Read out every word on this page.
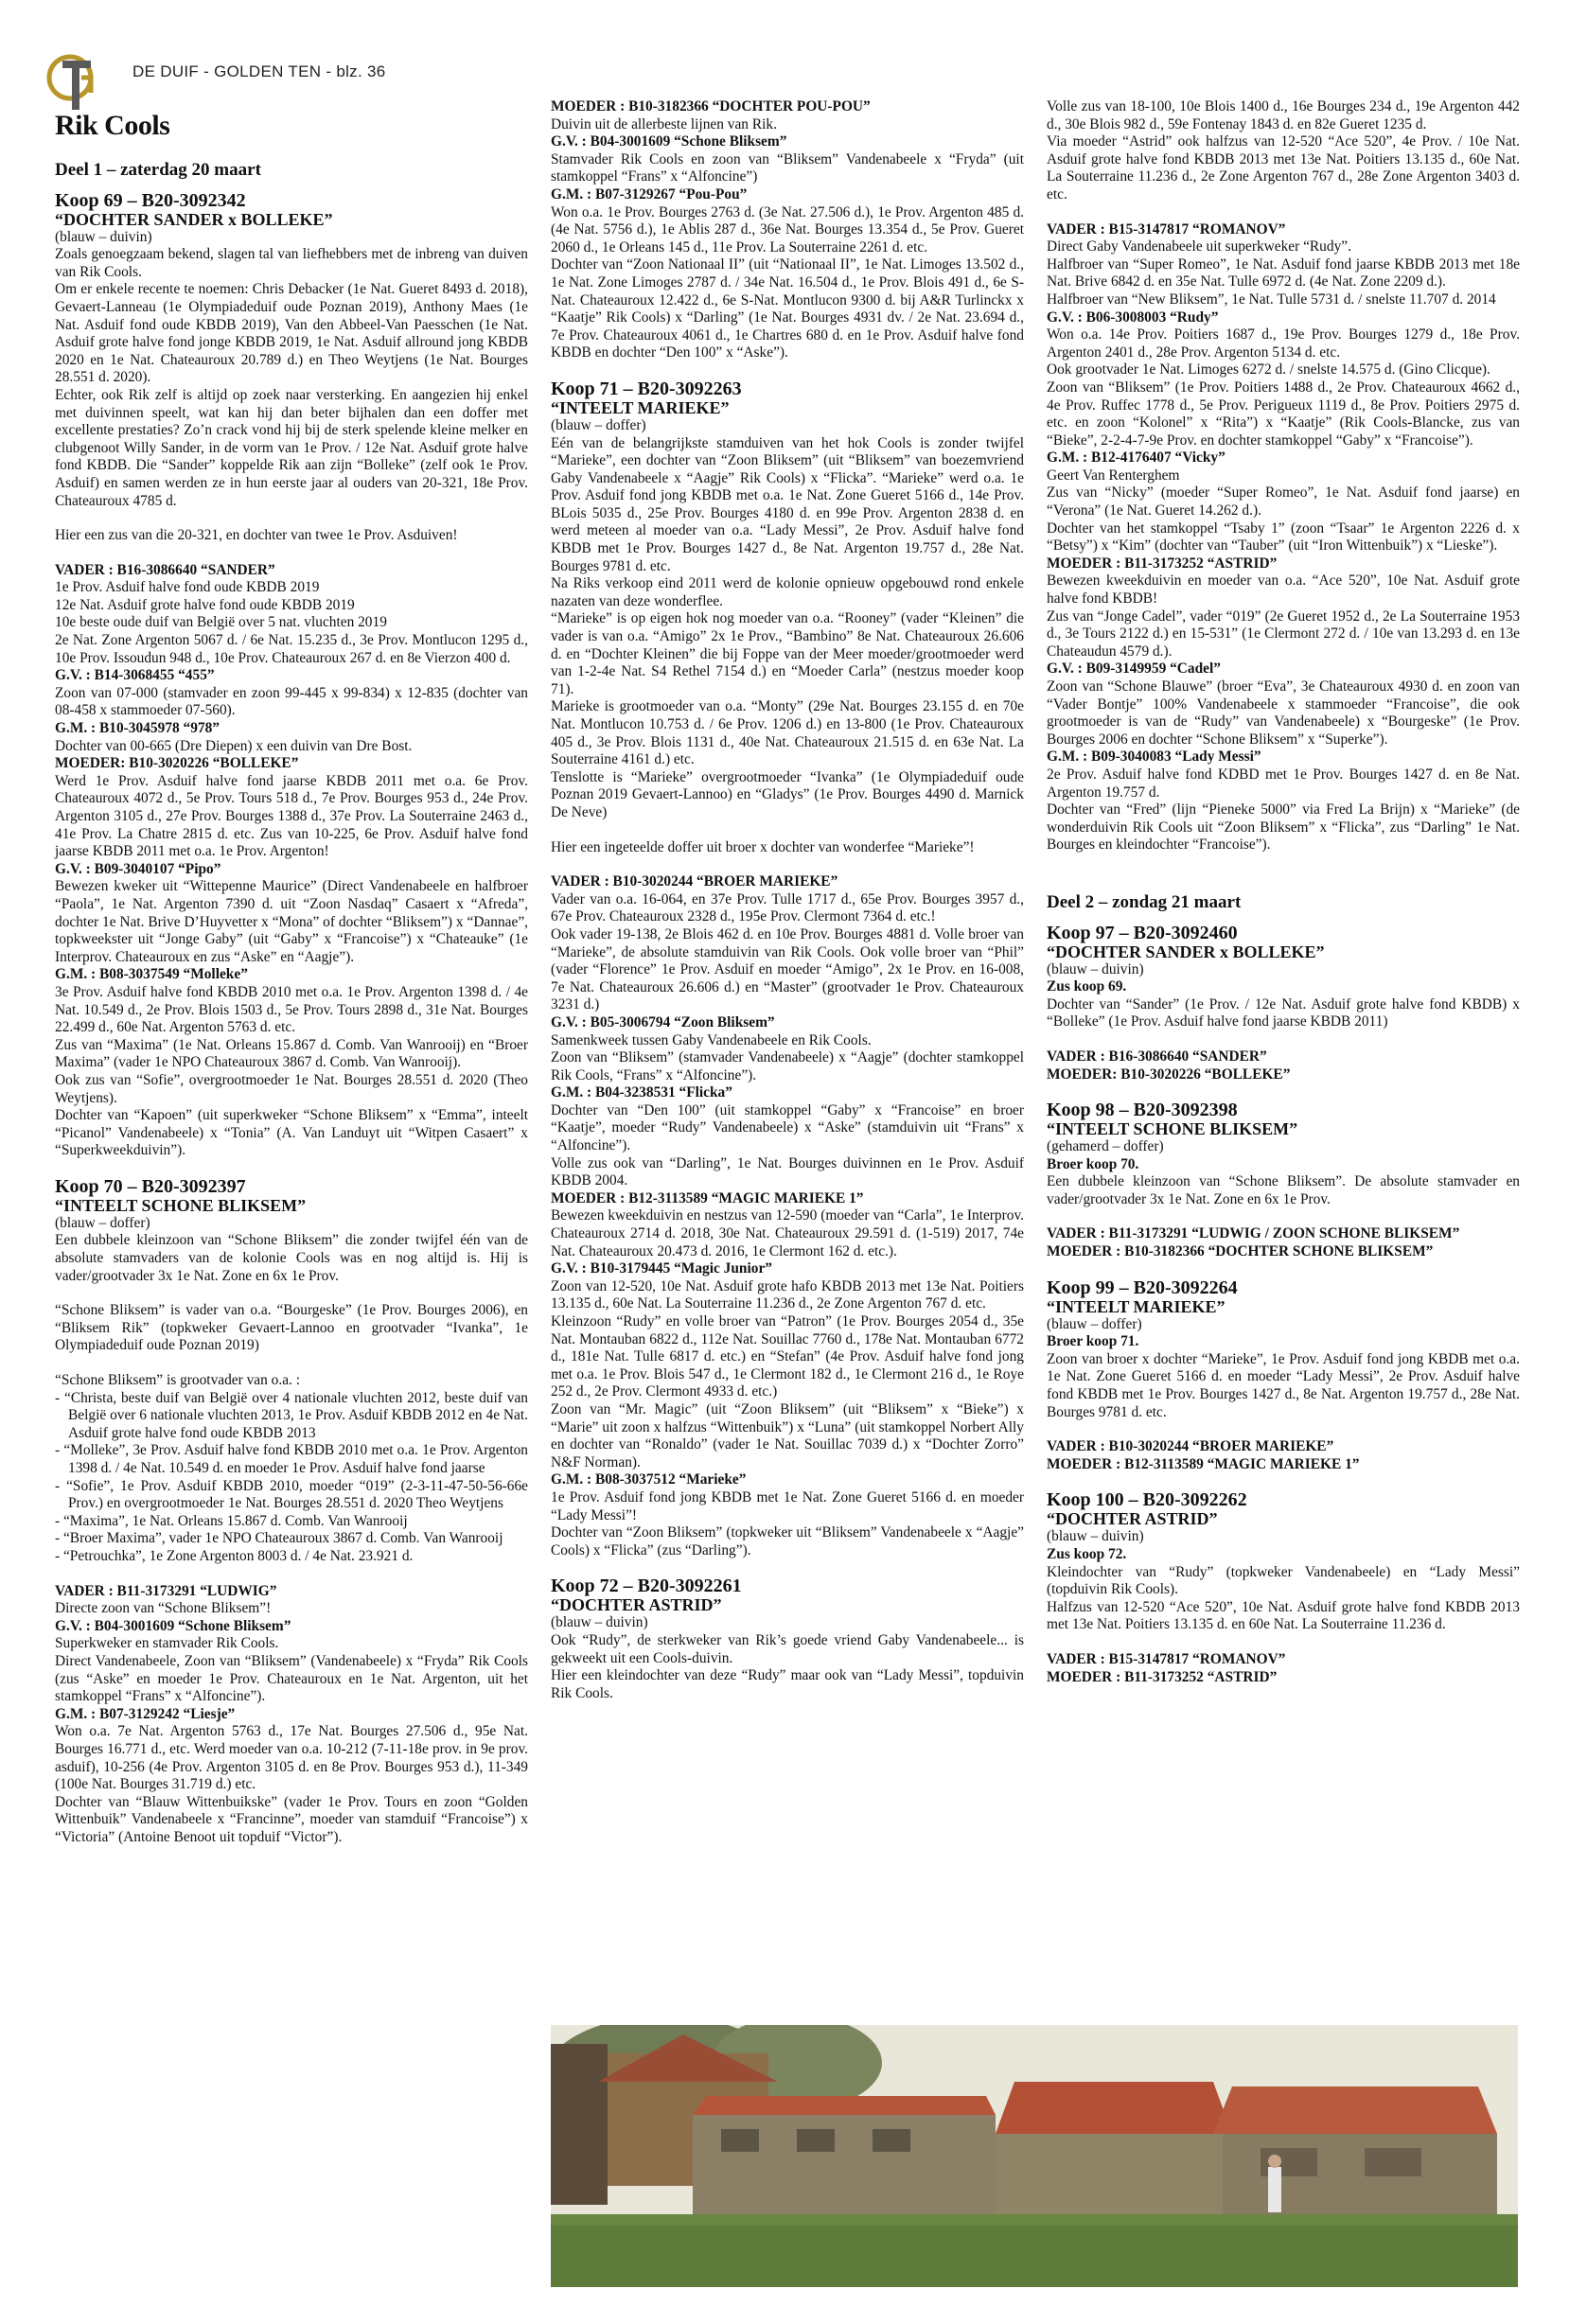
DE DUIF - GOLDEN TEN - blz. 36
Rik Cools
Deel 1 – zaterdag 20 maart

Koop 69 – B20-3092342

“DOCHTER SANDER x BOLLEKE”

(blauw – duivin)

Zoals genoegzaam bekend, slagen tal van liefhebbers met de inbreng van duiven van Rik Cools.

Om er enkele recente te noemen: Chris Debacker (1e Nat. Gueret 8493 d. 2018), Gevaert-Lanneau (1e Olympiadeduif oude Poznan 2019), Anthony Maes (1e Nat. Asduif fond oude KBDB 2019), Van den Abbeel-Van Paesschen (1e Nat. Asduif grote halve fond jonge KBDB 2019, 1e Nat. Asduif allround jong KBDB 2020 en 1e Nat. Chateauroux 20.789 d.) en Theo Weytjens (1e Nat. Bourges 28.551 d. 2020).

Echter, ook Rik zelf is altijd op zoek naar versterking. En aangezien hij enkel met duivinnen speelt, wat kan hij dan beter bijhalen dan een doffer met excellente prestaties? Zo’n crack vond hij bij de sterk spelende kleine melker en clubgenoot Willy Sander, in de vorm van 1e Prov. / 12e Nat. Asduif grote halve fond KBDB. Die “Sander” koppelde Rik aan zijn “Bolleke” (zelf ook 1e Prov. Asduif) en samen werden ze in hun eerste jaar al ouders van 20-321, 18e Prov. Chateauroux 4785 d.

Hier een zus van die 20-321, en dochter van twee 1e Prov. Asduiven!

VADER : B16-3086640 “SANDER”

1e Prov. Asduif halve fond oude KBDB 2019

12e Nat. Asduif grote halve fond oude KBDB 2019

10e beste oude duif van België over 5 nat. vluchten 2019

2e Nat. Zone Argenton 5067 d. / 6e Nat. 15.235 d., 3e Prov. Montlucon 1295 d., 10e Prov. Issoudun 948 d., 10e Prov. Chateauroux 267 d. en 8e Vierzon 400 d.

G.V. : B14-3068455 “455”

Zoon van 07-000 (stamvader en zoon 99-445 x 99-834) x 12-835 (dochter van 08-458 x stammoeder 07-560).

G.M. : B10-3045978 “978”

Dochter van 00-665 (Dre Diepen) x een duivin van Dre Bost.

MOEDER: B10-3020226 “BOLLEKE”

Werd 1e Prov. Asduif halve fond jaarse KBDB 2011 met o.a. 6e Prov. Chateauroux 4072 d., 5e Prov. Tours 518 d., 7e Prov. Bourges 953 d., 24e Prov. Argenton 3105 d., 27e Prov. Bourges 1388 d., 37e Prov. La Souterraine 2463 d., 41e Prov. La Chatre 2815 d. etc. Zus van 10-225, 6e Prov. Asduif halve fond jaarse KBDB 2011 met o.a. 1e Prov. Argenton!

G.V. : B09-3040107 “Pipo”

Bewezen kweker uit “Wittepenne Maurice” (Direct Vandenabeele en halfbroer “Paola”, 1e Nat. Argenton 7390 d. uit “Zoon Nasdaq” Casaert x “Afreda”, dochter 1e Nat. Brive D’Huyvetter x “Mona” of dochter “Bliksem”) x “Dannae”, topkweekster uit “Jonge Gaby” (uit “Gaby” x “Francoise”) x “Chateauke” (1e Interprov. Chateauroux en zus “Aske” en “Aagje”).

G.M. : B08-3037549 “Molleke”

3e Prov. Asduif halve fond KBDB 2010 met o.a. 1e Prov. Argenton 1398 d. / 4e Nat. 10.549 d., 2e Prov. Blois 1503 d., 5e Prov. Tours 2898 d., 31e Nat. Bourges 22.499 d., 60e Nat. Argenton 5763 d. etc.

Zus van “Maxima” (1e Nat. Orleans 15.867 d. Comb. Van Wanrooij) en “Broer Maxima” (vader 1e NPO Chateauroux 3867 d. Comb. Van Wanrooij).

Ook zus van “Sofie”, overgrootmoeder 1e Nat. Bourges 28.551 d. 2020 (Theo Weytjens).

Dochter van “Kapoen” (uit superkweker “Schone Bliksem” x “Emma”, inteelt “Picanol” Vandenabeele) x “Tonia” (A. Van Landuyt uit “Witpen Casaert” x “Superkweekduivin”).

Koop 70 – B20-3092397

“INTEELT SCHONE BLIKSEM”

(blauw – doffer)

Een dubbele kleinzoon van “Schone Bliksem” die zonder twijfel één van de absolute stamvaders van de kolonie Cools was en nog altijd is. Hij is vader/grootvader 3x 1e Nat. Zone en 6x 1e Prov.

“Schone Bliksem” is vader van o.a. “Bourgeske” (1e Prov. Bourges 2006), en “Bliksem Rik” (topkweker Gevaert-Lannoo en grootvader “Ivanka”, 1e Olympiadeduif oude Poznan 2019)

“Schone Bliksem” is grootvader van o.a. :

- “Christa, beste duif van België over 4 nationale vluchten 2012, beste duif van België over 6 nationale vluchten 2013, 1e Prov. Asduif KBDB 2012 en 4e Nat. Asduif grote halve fond oude KBDB 2013
- “Molleke”, 3e Prov. Asduif halve fond KBDB 2010 met o.a. 1e Prov. Argenton 1398 d. / 4e Nat. 10.549 d. en moeder 1e Prov. Asduif halve fond jaarse
- “Sofie”, 1e Prov. Asduif KBDB 2010, moeder “019” (2-3-11-47-50-56-66e Prov.) en overgrootmoeder 1e Nat. Bourges 28.551 d. 2020 Theo Weytjens
- “Maxima”, 1e Nat. Orleans 15.867 d. Comb. Van Wanrooij
- “Broer Maxima”, vader 1e NPO Chateauroux 3867 d. Comb. Van Wanrooij
- “Petrouchka”, 1e Zone Argenton 8003 d. / 4e Nat. 23.921 d.

VADER : B11-3173291 “LUDWIG”

Directe zoon van “Schone Bliksem”!

G.V. : B04-3001609 “Schone Bliksem”

Superkweker en stamvader Rik Cools.

Direct Vandenabeele, Zoon van “Bliksem” (Vandenabeele) x “Fryda” Rik Cools (zus “Aske” en moeder 1e Prov. Chateauroux en 1e Nat. Argenton, uit het stamkoppel “Frans” x “Alfoncine”).

G.M. : B07-3129242 “Liesje”

Won o.a. 7e Nat. Argenton 5763 d., 17e Nat. Bourges 27.506 d., 95e Nat. Bourges 16.771 d., etc. Werd moeder van o.a. 10-212 (7-11-18e prov. in 9e prov. asduif), 10-256 (4e Prov. Argenton 3105 d. en 8e Prov. Bourges 953 d.), 11-349 (100e Nat. Bourges 31.719 d.) etc.

Dochter van “Blauw Wittenbuikske” (vader 1e Prov. Tours en zoon “Golden Wittenbuik” Vandenabeele x “Francinne”, moeder van stamduif “Francoise”) x “Victoria” (Antoine Benoot uit topduif “Victor”).

MOEDER : B10-3182366 “DOCHTER POU-POU”

Duivin uit de allerbeste lijnen van Rik.

G.V. : B04-3001609 “Schone Bliksem”

Stamvader Rik Cools en zoon van “Bliksem” Vandenabeele x “Fryda” (uit stamkoppel “Frans” x “Alfoncine”)

G.M. : B07-3129267 “Pou-Pou”

Won o.a. 1e Prov. Bourges 2763 d. (3e Nat. 27.506 d.), 1e Prov. Argenton 485 d. (4e Nat. 5756 d.), 1e Ablis 287 d., 36e Nat. Bourges 13.354 d., 5e Prov. Gueret 2060 d., 1e Orleans 145 d., 11e Prov. La Souterraine 2261 d. etc.

Dochter van “Zoon Nationaal II” (uit “Nationaal II”, 1e Nat. Limoges 13.502 d., 1e Nat. Zone Limoges 2787 d. / 34e Nat. 16.504 d., 1e Prov. Blois 491 d., 6e S-Nat. Chateauroux 12.422 d., 6e S-Nat. Montlucon 9300 d. bij A&R Turlinckx x “Kaatje” Rik Cools) x “Darling” (1e Nat. Bourges 4931 dv. / 2e Nat. 23.694 d., 7e Prov. Chateauroux 4061 d., 1e Chartres 680 d. en 1e Prov. Asduif halve fond KBDB en dochter “Den 100” x “Aske”).

Koop 71 – B20-3092263

“INTEELT MARIEKE”

(blauw – doffer)

Eén van de belangrijkste stamduiven van het hok Cools is zonder twijfel “Marieke”, een dochter van “Zoon Bliksem” (uit “Bliksem” van boezemvriend Gaby Vandenabeele x “Aagje” Rik Cools) x “Flicka”. “Marieke” werd o.a. 1e Prov. Asduif fond jong KBDB met o.a. 1e Nat. Zone Gueret 5166 d., 14e Prov. BLois 5035 d., 25e Prov. Bourges 4180 d. en 99e Prov. Argenton 2838 d. en werd meteen al moeder van o.a. “Lady Messi”, 2e Prov. Asduif halve fond KBDB met 1e Prov. Bourges 1427 d., 8e Nat. Argenton 19.757 d., 28e Nat. Bourges 9781 d. etc.

Na Riks verkoop eind 2011 werd de kolonie opnieuw opgebouwd rond enkele nazaten van deze wonderflee.

“Marieke” is op eigen hok nog moeder van o.a. “Rooney” (vader “Kleinen” die vader is van o.a. “Amigo” 2x 1e Prov., “Bambino” 8e Nat. Chateauroux 26.606 d. en “Dochter Kleinen” die bij Foppe van der Meer moeder/grootmoeder werd van 1-2-4e Nat. S4 Rethel 7154 d.) en “Moeder Carla” (nestzus moeder koop 71).

Marieke is grootmoeder van o.a. “Monty” (29e Nat. Bourges 23.155 d. en 70e Nat. Montlucon 10.753 d. / 6e Prov. 1206 d.) en 13-800 (1e Prov. Chateauroux 405 d., 3e Prov. Blois 1131 d., 40e Nat. Chateauroux 21.515 d. en 63e Nat. La Souterraine 4161 d.) etc.

Tenslotte is “Marieke” overgrootmoeder “Ivanka” (1e Olympiadeduif oude Poznan 2019 Gevaert-Lannoo) en “Gladys” (1e Prov. Bourges 4490 d. Marnick De Neve)

Hier een ingeteelde doffer uit broer x dochter van wonderfee “Marieke”!

VADER : B10-3020244 “BROER MARIEKE”

Vader van o.a. 16-064, en 37e Prov. Tulle 1717 d., 65e Prov. Bourges 3957 d., 67e Prov. Chateauroux 2328 d., 195e Prov. Clermont 7364 d. etc.!

Ook vader 19-138, 2e Blois 462 d. en 10e Prov. Bourges 4881 d. Volle broer van “Marieke”, de absolute stamduivin van Rik Cools. Ook volle broer van “Phil” (vader “Florence” 1e Prov. Asduif en moeder “Amigo”, 2x 1e Prov. en 16-008, 7e Nat. Chateauroux 26.606 d.) en “Master” (grootvader 1e Prov. Chateauroux 3231 d.)

G.V. : B05-3006794 “Zoon Bliksem”

Samenkweek tussen Gaby Vandenabeele en Rik Cools.

Zoon van “Bliksem” (stamvader Vandenabeele) x “Aagje” (dochter stamkoppel Rik Cools, “Frans” x “Alfoncine”).

G.M. : B04-3238531 “Flicka”

Dochter van “Den 100” (uit stamkoppel “Gaby” x “Francoise” en broer “Kaatje”, moeder “Rudy” Vandenabeele) x “Aske” (stamduivin uit “Frans” x “Alfoncine”).

Volle zus ook van “Darling”, 1e Nat. Bourges duivinnen en 1e Prov. Asduif KBDB 2004.

MOEDER : B12-3113589 “MAGIC MARIEKE 1”

Bewezen kweekduivin en nestzus van 12-590 (moeder van “Carla”, 1e Interprov. Chateauroux 2714 d. 2018, 30e Nat. Chateauroux 29.591 d. (1-519) 2017, 74e Nat. Chateauroux 20.473 d. 2016, 1e Clermont 162 d. etc.).

G.V. : B10-3179445 “Magic Junior”

Zoon van 12-520, 10e Nat. Asduif grote hafo KBDB 2013 met 13e Nat. Poitiers 13.135 d., 60e Nat. La Souterraine 11.236 d., 2e Zone Argenton 767 d. etc.

Kleinzoon “Rudy” en volle broer van “Patron” (1e Prov. Bourges 2054 d., 35e Nat. Montauban 6822 d., 112e Nat. Souillac 7760 d., 178e Nat. Montauban 6772 d., 181e Nat. Tulle 6817 d. etc.) en “Stefan” (4e Prov. Asduif halve fond jong met o.a. 1e Prov. Blois 547 d., 1e Clermont 182 d., 1e Clermont 216 d., 1e Roye 252 d., 2e Prov. Clermont 4933 d. etc.)

Zoon van “Mr. Magic” (uit “Zoon Bliksem” (uit “Bliksem” x “Bieke”) x “Marie” uit zoon x halfzus “Wittenbuik”) x “Luna” (uit stamkoppel Norbert Ally en dochter van “Ronaldo” (vader 1e Nat. Souillac 7039 d.) x “Dochter Zorro” N&F Norman).

G.M. : B08-3037512 “Marieke”

1e Prov. Asduif fond jong KBDB met 1e Nat. Zone Gueret 5166 d. en moeder “Lady Messi”!

Dochter van “Zoon Bliksem” (topkweker uit “Bliksem” Vandenabeele x “Aagje” Cools) x “Flicka” (zus “Darling”).

Koop 72 – B20-3092261

“DOCHTER ASTRID”

(blauw – duivin)

Ook “Rudy”, de sterkweker van Rik’s goede vriend Gaby Vandenabeele... is gekweekt uit een Cools-duivin.

Hier een kleindochter van deze “Rudy” maar ook van “Lady Messi”, topduivin Rik Cools.

Volle zus van 18-100, 10e Blois 1400 d., 16e Bourges 234 d., 19e Argenton 442 d., 30e Blois 982 d., 59e Fontenay 1843 d. en 82e Gueret 1235 d.

Via moeder “Astrid” ook halfzus van 12-520 “Ace 520”, 4e Prov. / 10e Nat. Asduif grote halve fond KBDB 2013 met 13e Nat. Poitiers 13.135 d., 60e Nat. La Souterraine 11.236 d., 2e Zone Argenton 767 d., 28e Zone Argenton 3403 d. etc.

VADER : B15-3147817 “ROMANOV”

Direct Gaby Vandenabeele uit superkweker “Rudy”.

Halfbroer van “Super Romeo”, 1e Nat. Asduif fond jaarse KBDB 2013 met 18e Nat. Brive 6842 d. en 35e Nat. Tulle 6972 d. (4e Nat. Zone 2209 d.).

Halfbroer van “New Bliksem”, 1e Nat. Tulle 5731 d. / snelste 11.707 d. 2014

G.V. : B06-3008003 “Rudy”

Won o.a. 14e Prov. Poitiers 1687 d., 19e Prov. Bourges 1279 d., 18e Prov. Argenton 2401 d., 28e Prov. Argenton 5134 d. etc.

Ook grootvader 1e Nat. Limoges 6272 d. / snelste 14.575 d. (Gino Clicque).

Zoon van “Bliksem” (1e Prov. Poitiers 1488 d., 2e Prov. Chateauroux 4662 d., 4e Prov. Ruffec 1778 d., 5e Prov. Perigueux 1119 d., 8e Prov. Poitiers 2975 d. etc. en zoon “Kolonel” x “Rita”) x “Kaatje” (Rik Cools-Blancke, zus van “Bieke”, 2-2-4-7-9e Prov. en dochter stamkoppel “Gaby” x “Francoise”).

G.M. : B12-4176407 “Vicky”

Geert Van Renterghem

Zus van “Nicky” (moeder “Super Romeo”, 1e Nat. Asduif fond jaarse) en “Verona” (1e Nat. Gueret 14.262 d.).

Dochter van het stamkoppel “Tsaby 1” (zoon “Tsaar” 1e Argenton 2226 d. x “Betsy”) x “Kim” (dochter van “Tauber” (uit “Iron Wittenbuik”) x “Lieske”).

MOEDER : B11-3173252 “ASTRID”

Bewezen kweekduivin en moeder van o.a. “Ace 520”, 10e Nat. Asduif grote halve fond KBDB!

Zus van “Jonge Cadel”, vader “019” (2e Gueret 1952 d., 2e La Souterraine 1953 d., 3e Tours 2122 d.) en 15-531” (1e Clermont 272 d. / 10e van 13.293 d. en 13e Chateaudun 4579 d.).

G.V. : B09-3149959 “Cadel”

Zoon van “Schone Blauwe” (broer “Eva”, 3e Chateauroux 4930 d. en zoon van “Vader Bontje” 100% Vandenabeele x stammoeder “Francoise”, die ook grootmoeder is van de “Rudy” van Vandenabeele) x “Bourgeske” (1e Prov. Bourges 2006 en dochter “Schone Bliksem” x “Superke”).

G.M. : B09-3040083 “Lady Messi”

2e Prov. Asduif halve fond KDBD met 1e Prov. Bourges 1427 d. en 8e Nat. Argenton 19.757 d.

Dochter van “Fred” (lijn “Pieneke 5000” via Fred La Brijn) x “Marieke” (de wonderduivin Rik Cools uit “Zoon Bliksem” x “Flicka”, zus “Darling” 1e Nat. Bourges en kleindochter “Francoise”).

Deel 2 – zondag 21 maart

Koop 97 – B20-3092460

“DOCHTER SANDER x BOLLEKE”

(blauw – duivin)

Zus koop 69.

Dochter van “Sander” (1e Prov. / 12e Nat. Asduif grote halve fond KBDB) x “Bolleke” (1e Prov. Asduif halve fond jaarse KBDB 2011)

VADER : B16-3086640 “SANDER”

MOEDER: B10-3020226 “BOLLEKE”

Koop 98 – B20-3092398

“INTEELT SCHONE BLIKSEM”

(gehamerd – doffer)

Broer koop 70.

Een dubbele kleinzoon van “Schone Bliksem”. De absolute stamvader en vader/grootvader 3x 1e Nat. Zone en 6x 1e Prov.

VADER : B11-3173291 “LUDWIG / ZOON SCHONE BLIKSEM”

MOEDER : B10-3182366 “DOCHTER SCHONE BLIKSEM”

Koop 99 – B20-3092264

“INTEELT MARIEKE”

(blauw – doffer)

Broer koop 71.

Zoon van broer x dochter “Marieke”, 1e Prov. Asduif fond jong KBDB met o.a. 1e Nat. Zone Gueret 5166 d. en moeder “Lady Messi”, 2e Prov. Asduif halve fond KBDB met 1e Prov. Bourges 1427 d., 8e Nat. Argenton 19.757 d., 28e Nat. Bourges 9781 d. etc.

VADER : B10-3020244 “BROER MARIEKE”

MOEDER : B12-3113589 “MAGIC MARIEKE 1”

Koop 100 – B20-3092262

“DOCHTER ASTRID”

(blauw – duivin)

Zus koop 72.

Kleindochter van “Rudy” (topkweker Vandenabeele) en “Lady Messi” (topduivin Rik Cools).

Halfzus van 12-520 “Ace 520”, 10e Nat. Asduif grote halve fond KBDB 2013 met 13e Nat. Poitiers 13.135 d. en 60e Nat. La Souterraine 11.236 d.

VADER : B15-3147817 “ROMANOV”

MOEDER : B11-3173252 “ASTRID”
